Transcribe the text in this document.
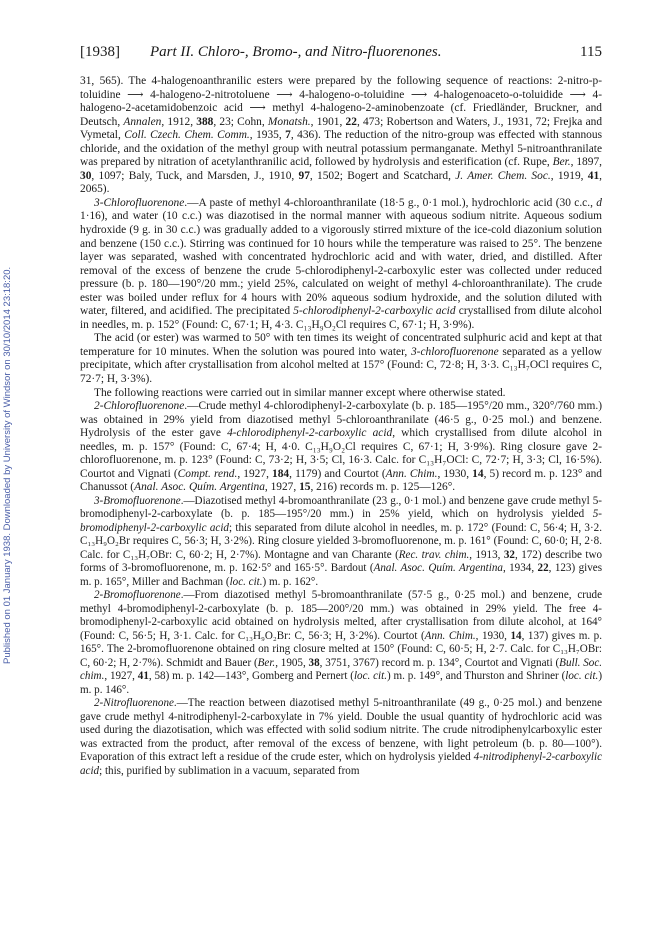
[1938] Part II. Chloro-, Bromo-, and Nitro-fluorenones.	115
Published on 01 January 1938. Downloaded by University of Windsor on 30/10/2014 23:18:20.

31, 565). The 4-halogenoanthranilic esters were prepared by the following sequence of reactions: 2-nitro-p-toluidine ⟶ 4-halogeno-2-nitrotoluene ⟶ 4-halogeno-o-toluidine ⟶ 4-halogenoaceto-o-toluidide ⟶ 4-halogeno-2-acetamidobenzoic acid ⟶ methyl 4-halogeno-2-aminobenzoate (cf. Friedländer, Bruckner, and Deutsch, Annalen, 1912, 388, 23; Cohn, Monatsh., 1901, 22, 473; Robertson and Waters, J., 1931, 72; Frejka and Vymetal, Coll. Czech. Chem. Comm., 1935, 7, 436). The reduction of the nitro-group was effected with stannous chloride, and the oxidation of the methyl group with neutral potassium permanganate. Methyl 5-nitroanthranilate was prepared by nitration of acetylanthranilic acid, followed by hydrolysis and esterification (cf. Rupe, Ber., 1897, 30, 1097; Baly, Tuck, and Marsden, J., 1910, 97, 1502; Bogert and Scatchard, J. Amer. Chem. Soc., 1919, 41, 2065).

3-Chlorofluorenone.—A paste of methyl 4-chloroanthranilate (18·5 g., 0·1 mol.), hydrochloric acid (30 c.c., d 1·16), and water (10 c.c.) was diazotised in the normal manner with aqueous sodium nitrite. Aqueous sodium hydroxide (9 g. in 30 c.c.) was gradually added to a vigorously stirred mixture of the ice-cold diazonium solution and benzene (150 c.c.). Stirring was continued for 10 hours while the temperature was raised to 25°. The benzene layer was separated, washed with concentrated hydrochloric acid and with water, dried, and distilled. After removal of the excess of benzene the crude 5-chlorodiphenyl-2-carboxylic ester was collected under reduced pressure (b. p. 180—190°/20 mm.; yield 25%, calculated on weight of methyl 4-chloroanthranilate). The crude ester was boiled under reflux for 4 hours with 20% aqueous sodium hydroxide, and the solution diluted with water, filtered, and acidified. The precipitated 5-chlorodiphenyl-2-carboxylic acid crystallised from dilute alcohol in needles, m. p. 152° (Found: C, 67·1; H, 4·3. C₁₃H₉O₂Cl requires C, 67·1; H, 3·9%).

The acid (or ester) was warmed to 50° with ten times its weight of concentrated sulphuric acid and kept at that temperature for 10 minutes. When the solution was poured into water, 3-chlorofluorenone separated as a yellow precipitate, which after crystallisation from alcohol melted at 157° (Found: C, 72·8; H, 3·3. C₁₃H₇OCl requires C, 72·7; H, 3·3%).

The following reactions were carried out in similar manner except where otherwise stated.

2-Chlorofluorenone.—Crude methyl 4-chlorodiphenyl-2-carboxylate (b. p. 185—195°/20 mm., 320°/760 mm.) was obtained in 29% yield from diazotised methyl 5-chloroanthranilate (46·5 g., 0·25 mol.) and benzene. Hydrolysis of the ester gave 4-chlorodiphenyl-2-carboxylic acid, which crystallised from dilute alcohol in needles, m. p. 157° (Found: C, 67·4; H, 4·0. C₁₃H₉O₂Cl requires C, 67·1; H, 3·9%). Ring closure gave 2-chlorofluorenone, m. p. 123° (Found: C, 73·2; H, 3·5; Cl, 16·3. Calc. for C₁₃H₇OCl: C, 72·7; H, 3·3; Cl, 16·5%). Courtot and Vignati (Compt. rend., 1927, 184, 1179) and Courtot (Ann. Chim., 1930, 14, 5) record m. p. 123° and Chanussot (Anal. Asoc. Quím. Argentina, 1927, 15, 216) records m. p. 125—126°.

3-Bromofluorenone.—Diazotised methyl 4-bromoanthranilate (23 g., 0·1 mol.) and benzene gave crude methyl 5-bromodiphenyl-2-carboxylate (b. p. 185—195°/20 mm.) in 25% yield, which on hydrolysis yielded 5-bromodiphenyl-2-carboxylic acid; this separated from dilute alcohol in needles, m. p. 172° (Found: C, 56·4; H, 3·2. C₁₃H₉O₂Br requires C, 56·3; H, 3·2%). Ring closure yielded 3-bromofluorenone, m. p. 161° (Found: C, 60·0; H, 2·8. Calc. for C₁₃H₇OBr: C, 60·2; H, 2·7%). Montagne and van Charante (Rec. trav. chim., 1913, 32, 172) describe two forms of 3-bromofluorenone, m. p. 162·5° and 165·5°. Bardout (Anal. Asoc. Quím. Argentina, 1934, 22, 123) gives m. p. 165°, Miller and Bachman (loc. cit.) m. p. 162°.

2-Bromofluorenone.—From diazotised methyl 5-bromoanthranilate (57·5 g., 0·25 mol.) and benzene, crude methyl 4-bromodiphenyl-2-carboxylate (b. p. 185—200°/20 mm.) was obtained in 29% yield. The free 4-bromodiphenyl-2-carboxylic acid obtained on hydrolysis melted, after crystallisation from dilute alcohol, at 164° (Found: C, 56·5; H, 3·1. Calc. for C₁₃H₉O₂Br: C, 56·3; H, 3·2%). Courtot (Ann. Chim., 1930, 14, 137) gives m. p. 165°. The 2-bromofluorenone obtained on ring closure melted at 150° (Found: C, 60·5; H, 2·7. Calc. for C₁₃H₇OBr: C, 60·2; H, 2·7%). Schmidt and Bauer (Ber., 1905, 38, 3751, 3767) record m. p. 134°, Courtot and Vignati (Bull. Soc. chim., 1927, 41, 58) m. p. 142—143°, Gomberg and Pernert (loc. cit.) m. p. 149°, and Thurston and Shriner (loc. cit.) m. p. 146°.

2-Nitrofluorenone.—The reaction between diazotised methyl 5-nitroanthranilate (49 g., 0·25 mol.) and benzene gave crude methyl 4-nitrodiphenyl-2-carboxylate in 7% yield. Double the usual quantity of hydrochloric acid was used during the diazotisation, which was effected with solid sodium nitrite. The crude nitrodiphenylcarboxylic ester was extracted from the product, after removal of the excess of benzene, with light petroleum (b. p. 80—100°). Evaporation of this extract left a residue of the crude ester, which on hydrolysis yielded 4-nitrodiphenyl-2-carboxylic acid; this, purified by sublimation in a vacuum, separated from
